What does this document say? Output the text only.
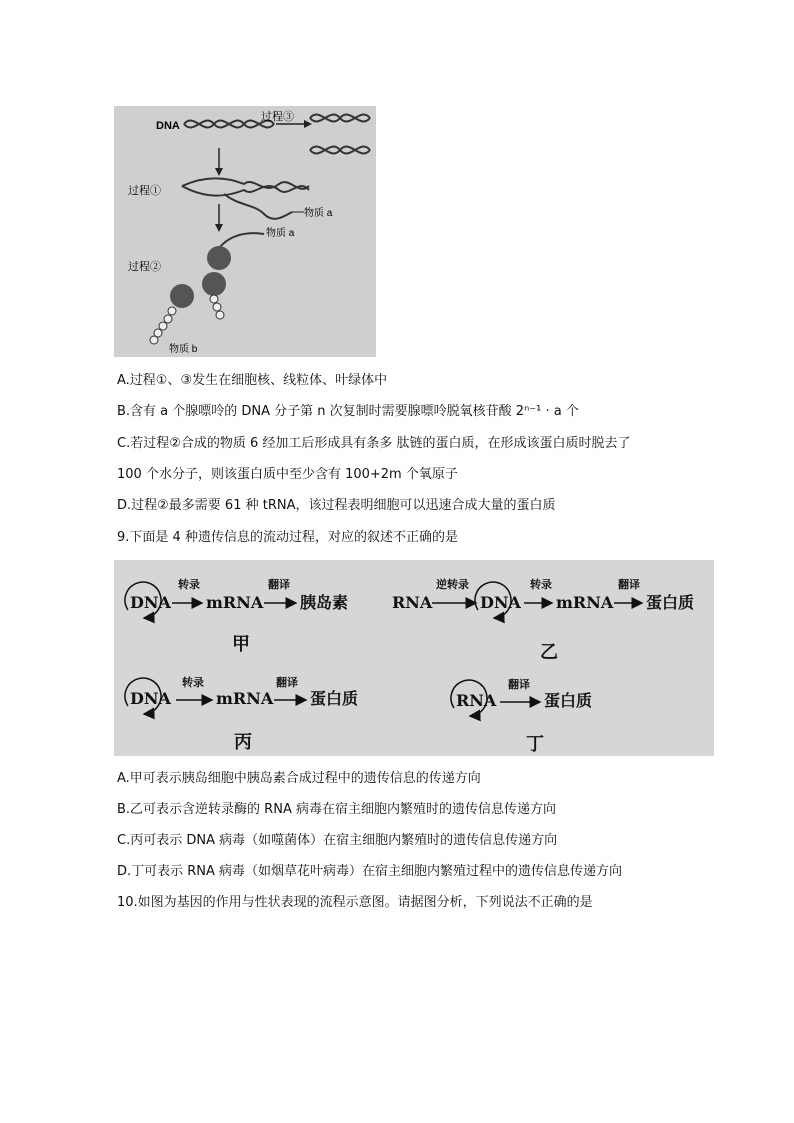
DNA
过程③
过程①
物质 a
物质 a
过程②
物质 b
A.过程①、③发生在细胞核、线粒体、叶绿体中
B.含有 a 个腺嘌呤的 DNA 分子第 n 次复制时需要腺嘌呤脱氧核苷酸 2ⁿ⁻¹ · a 个
C.若过程②合成的物质 6 经加工后形成具有条多 肽链的蛋白质，在形成该蛋白质时脱去了
100 个水分子，则该蛋白质中至少含有 100+2m 个氧原子
D.过程②最多需要 61 种 tRNA，该过程表明细胞可以迅速合成大量的蛋白质
9.下面是 4 种遗传信息的流动过程，对应的叙述不正确的是
DNA
转录
mRNA
翻译
胰岛素
甲
RNA
逆转录
DNA
转录
mRNA
翻译
蛋白质
乙
DNA
转录
mRNA
翻译
蛋白质
丙
RNA
翻译
蛋白质
丁
A.甲可表示胰岛细胞中胰岛素合成过程中的遗传信息的传递方向
B.乙可表示含逆转录酶的 RNA 病毒在宿主细胞内繁殖时的遗传信息传递方向
C.丙可表示 DNA 病毒（如噬菌体）在宿主细胞内繁殖时的遗传信息传递方向
D.丁可表示 RNA 病毒（如烟草花叶病毒）在宿主细胞内繁殖过程中的遗传信息传递方向
10.如图为基因的作用与性状表现的流程示意图。请据图分析，下列说法不正确的是
